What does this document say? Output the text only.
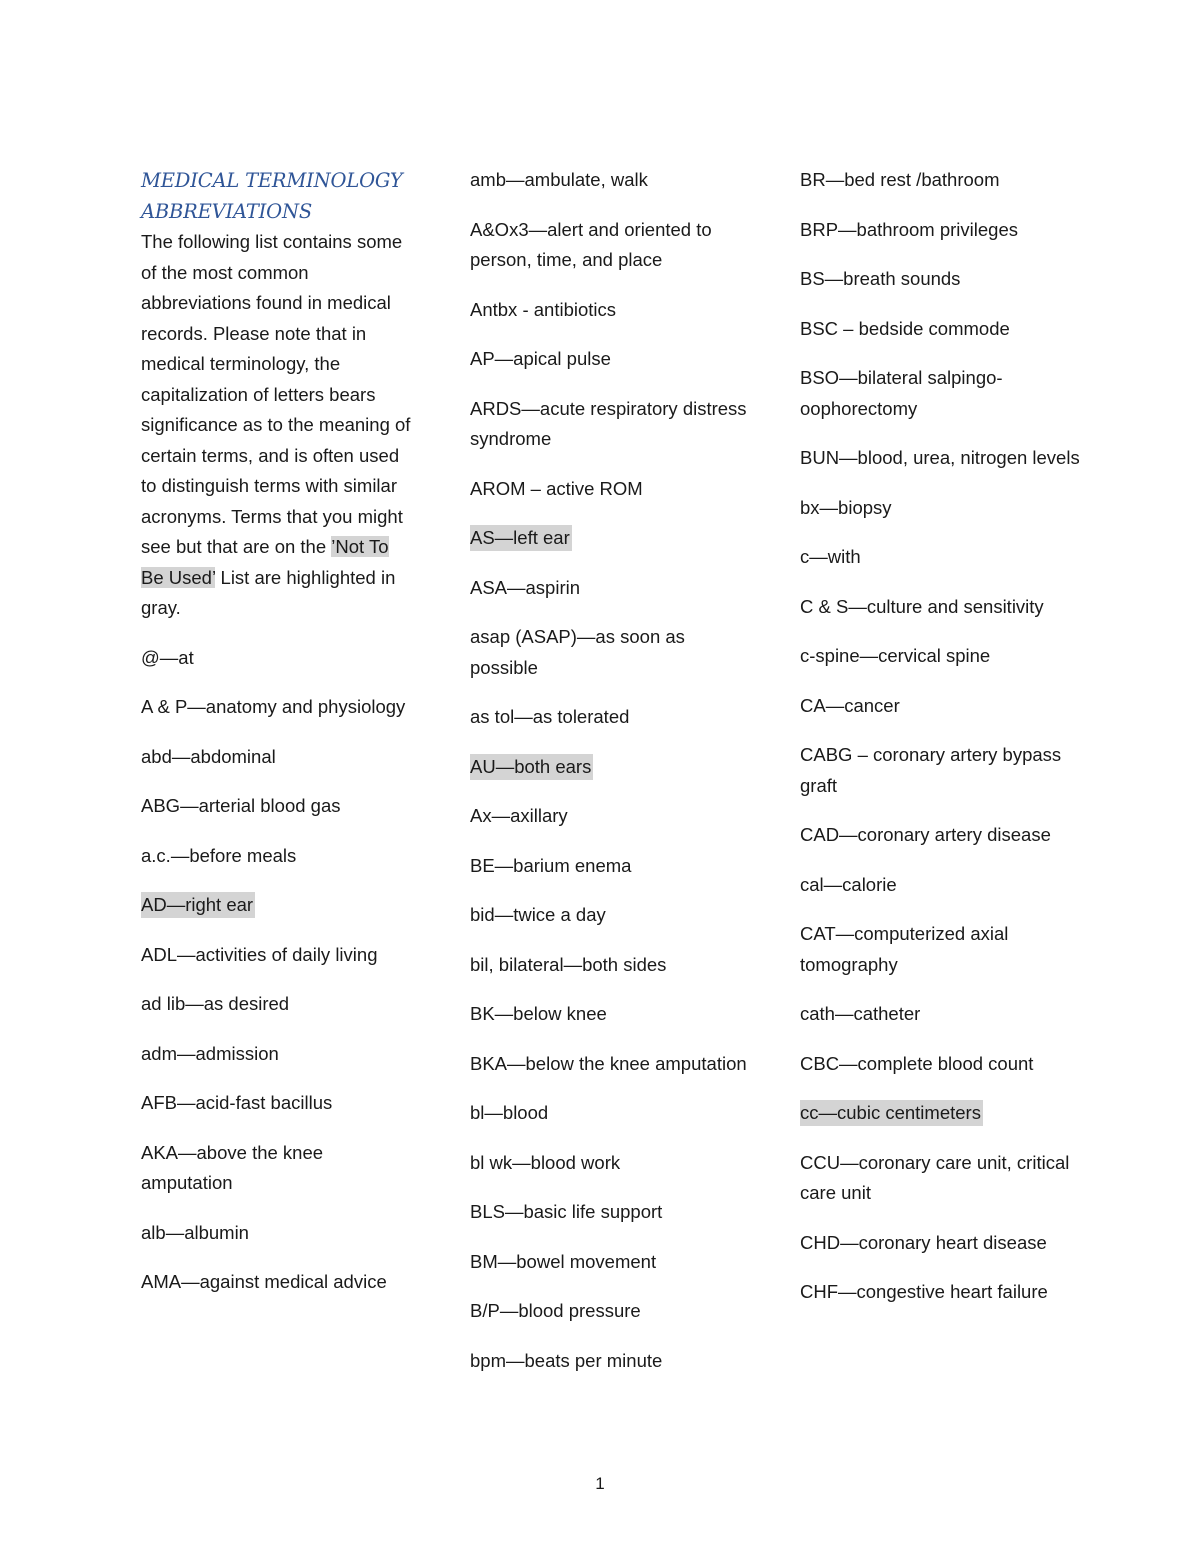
MEDICAL TERMINOLOGY
ABBREVIATIONS

The following list contains some of the most common abbreviations found in medical records. Please note that in medical terminology, the capitalization of letters bears significance as to the meaning of certain terms, and is often used to distinguish terms with similar acronyms. Terms that you might see but that are on the ’Not To Be Used’ List are highlighted in gray.

@—at

A & P—anatomy and physiology

abd—abdominal

ABG—arterial blood gas

a.c.—before meals

AD—right ear

ADL—activities of daily living

ad lib—as desired

adm—admission

AFB—acid-fast bacillus

AKA—above the knee amputation

alb—albumin

AMA—against medical advice

amb—ambulate, walk

A&Ox3—alert and oriented to person, time, and place

Antbx - antibiotics

AP—apical pulse

ARDS—acute respiratory distress syndrome

AROM – active ROM

AS—left ear

ASA—aspirin

asap (ASAP)—as soon as possible

as tol—as tolerated

AU—both ears

Ax—axillary

BE—barium enema

bid—twice a day

bil, bilateral—both sides

BK—below knee

BKA—below the knee amputation

bl—blood

bl wk—blood work

BLS—basic life support

BM—bowel movement

B/P—blood pressure

bpm—beats per minute

BR—bed rest /bathroom

BRP—bathroom privileges

BS—breath sounds

BSC – bedside commode

BSO—bilateral salpingo-oophorectomy

BUN—blood, urea, nitrogen levels

bx—biopsy

c—with

C & S—culture and sensitivity

c-spine—cervical spine

CA—cancer

CABG – coronary artery bypass graft

CAD—coronary artery disease

cal—calorie

CAT—computerized axial tomography

cath—catheter

CBC—complete blood count

cc—cubic centimeters

CCU—coronary care unit, critical care unit

CHD—coronary heart disease

CHF—congestive heart failure

1
